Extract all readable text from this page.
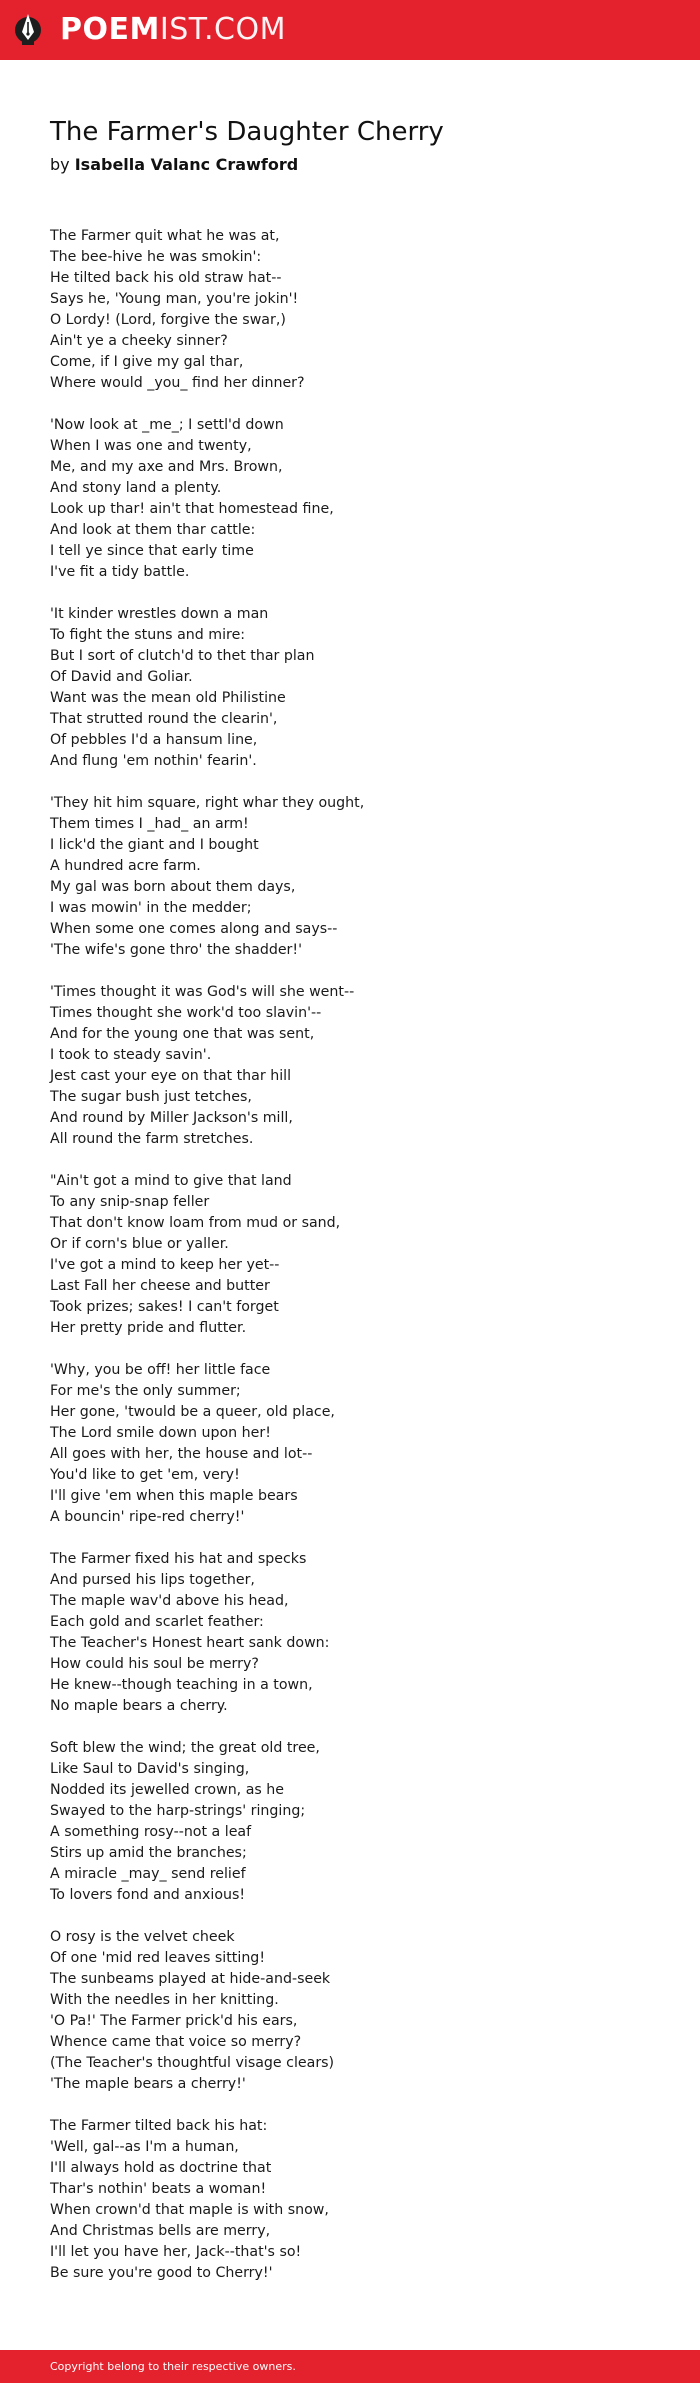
POEMIST.COM
The Farmer's Daughter Cherry
by Isabella Valanc Crawford
The Farmer quit what he was at,
The bee-hive he was smokin':
He tilted back his old straw hat--
Says he, 'Young man, you're jokin'!
O Lordy! (Lord, forgive the swar,)
Ain't ye a cheeky sinner?
Come, if I give my gal thar,
Where would _you_ find her dinner?
'Now look at _me_; I settl'd down
When I was one and twenty,
Me, and my axe and Mrs. Brown,
And stony land a plenty.
Look up thar! ain't that homestead fine,
And look at them thar cattle:
I tell ye since that early time
I've fit a tidy battle.
'It kinder wrestles down a man
To fight the stuns and mire:
But I sort of clutch'd to thet thar plan
Of David and Goliar.
Want was the mean old Philistine
That strutted round the clearin',
Of pebbles I'd a hansum line,
And flung 'em nothin' fearin'.
'They hit him square, right whar they ought,
Them times I _had_ an arm!
I lick'd the giant and I bought
A hundred acre farm.
My gal was born about them days,
I was mowin' in the medder;
When some one comes along and says--
'The wife's gone thro' the shadder!'
'Times thought it was God's will she went--
Times thought she work'd too slavin'--
And for the young one that was sent,
I took to steady savin'.
Jest cast your eye on that thar hill
The sugar bush just tetches,
And round by Miller Jackson's mill,
All round the farm stretches.
"Ain't got a mind to give that land
To any snip-snap feller
That don't know loam from mud or sand,
Or if corn's blue or yaller.
I've got a mind to keep her yet--
Last Fall her cheese and butter
Took prizes; sakes! I can't forget
Her pretty pride and flutter.
'Why, you be off! her little face
For me's the only summer;
Her gone, 'twould be a queer, old place,
The Lord smile down upon her!
All goes with her, the house and lot--
You'd like to get 'em, very!
I'll give 'em when this maple bears
A bouncin' ripe-red cherry!'
The Farmer fixed his hat and specks
And pursed his lips together,
The maple wav'd above his head,
Each gold and scarlet feather:
The Teacher's Honest heart sank down:
How could his soul be merry?
He knew--though teaching in a town,
No maple bears a cherry.
Soft blew the wind; the great old tree,
Like Saul to David's singing,
Nodded its jewelled crown, as he
Swayed to the harp-strings' ringing;
A something rosy--not a leaf
Stirs up amid the branches;
A miracle _may_ send relief
To lovers fond and anxious!
O rosy is the velvet cheek
Of one 'mid red leaves sitting!
The sunbeams played at hide-and-seek
With the needles in her knitting.
'O Pa!' The Farmer prick'd his ears,
Whence came that voice so merry?
(The Teacher's thoughtful visage clears)
'The maple bears a cherry!'
The Farmer tilted back his hat:
'Well, gal--as I'm a human,
I'll always hold as doctrine that
Thar's nothin' beats a woman!
When crown'd that maple is with snow,
And Christmas bells are merry,
I'll let you have her, Jack--that's so!
Be sure you're good to Cherry!'
Copyright belong to their respective owners.
